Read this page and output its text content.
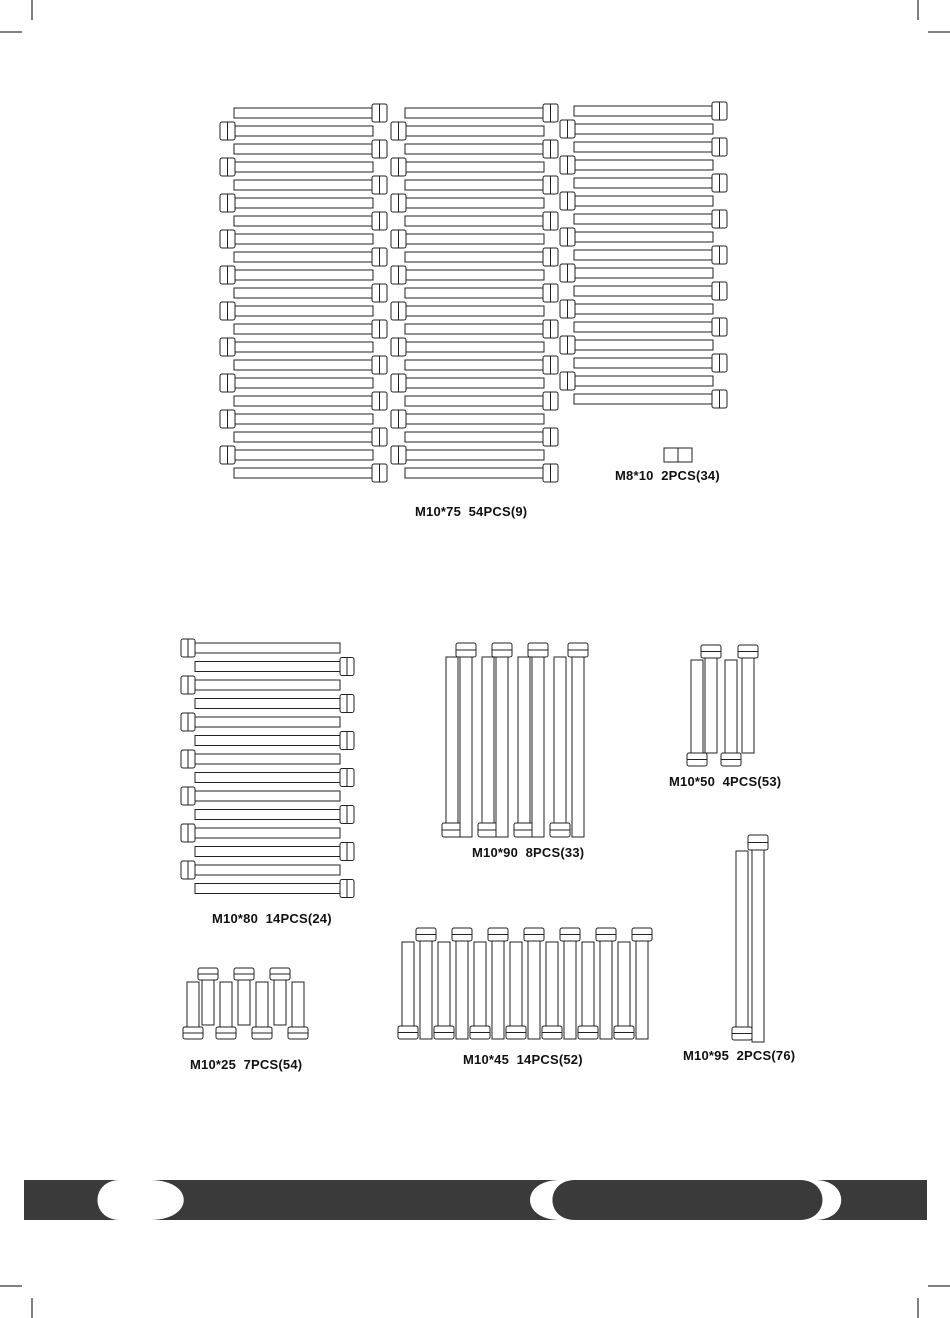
M10*75  54PCS(9)
M8*10  2PCS(34)
M10*80  14PCS(24)
M10*90  8PCS(33)
M10*50  4PCS(53)
M10*25  7PCS(54)	M10*45  14PCS(52)	M10*95  2PCS(76)
